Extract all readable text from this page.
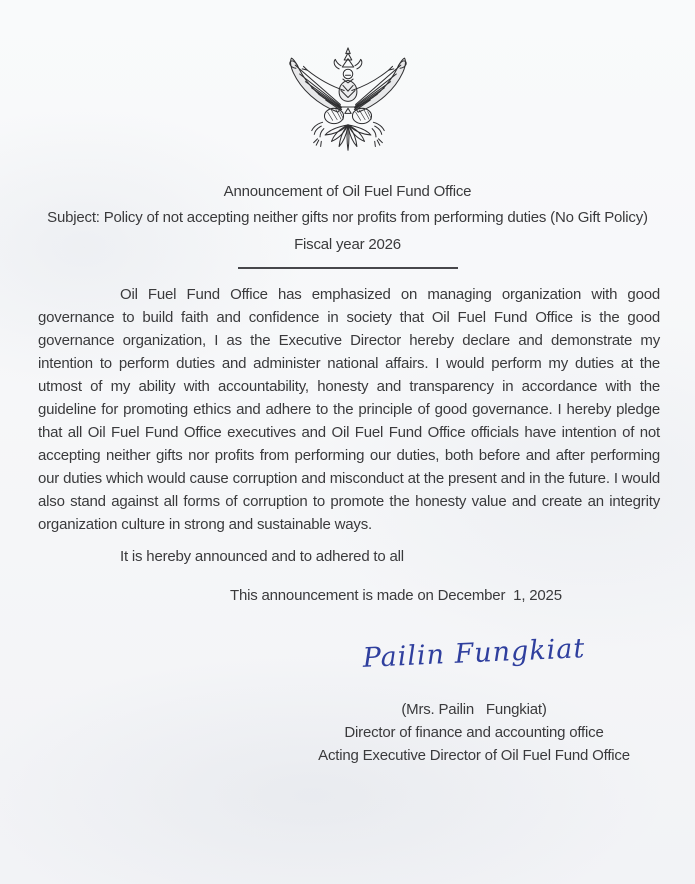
Announcement of Oil Fuel Fund Office
Subject: Policy of not accepting neither gifts nor profits from performing duties (No Gift Policy)
Fiscal year 2026

Oil Fuel Fund Office has emphasized on managing organization with good governance to build faith and confidence in society that Oil Fuel Fund Office is the good governance organization, I as the Executive Director hereby declare and demonstrate my intention to perform duties and administer national affairs. I would perform my duties at the utmost of my ability with accountability, honesty and transparency in accordance with the guideline for promoting ethics and adhere to the principle of good governance. I hereby pledge that all Oil Fuel Fund Office executives and Oil Fuel Fund Office officials have intention of not accepting neither gifts nor profits from performing our duties, both before and after performing our duties which would cause corruption and misconduct at the present and in the future. I would also stand against all forms of corruption to promote the honesty value and create an integrity organization culture in strong and sustainable ways.

It is hereby announced and to adhered to all
This announcement is made on December  1, 2025
Pailin Fungkiat
(Mrs. Pailin   Fungkiat)
Director of finance and accounting office
Acting Executive Director of Oil Fuel Fund Office
